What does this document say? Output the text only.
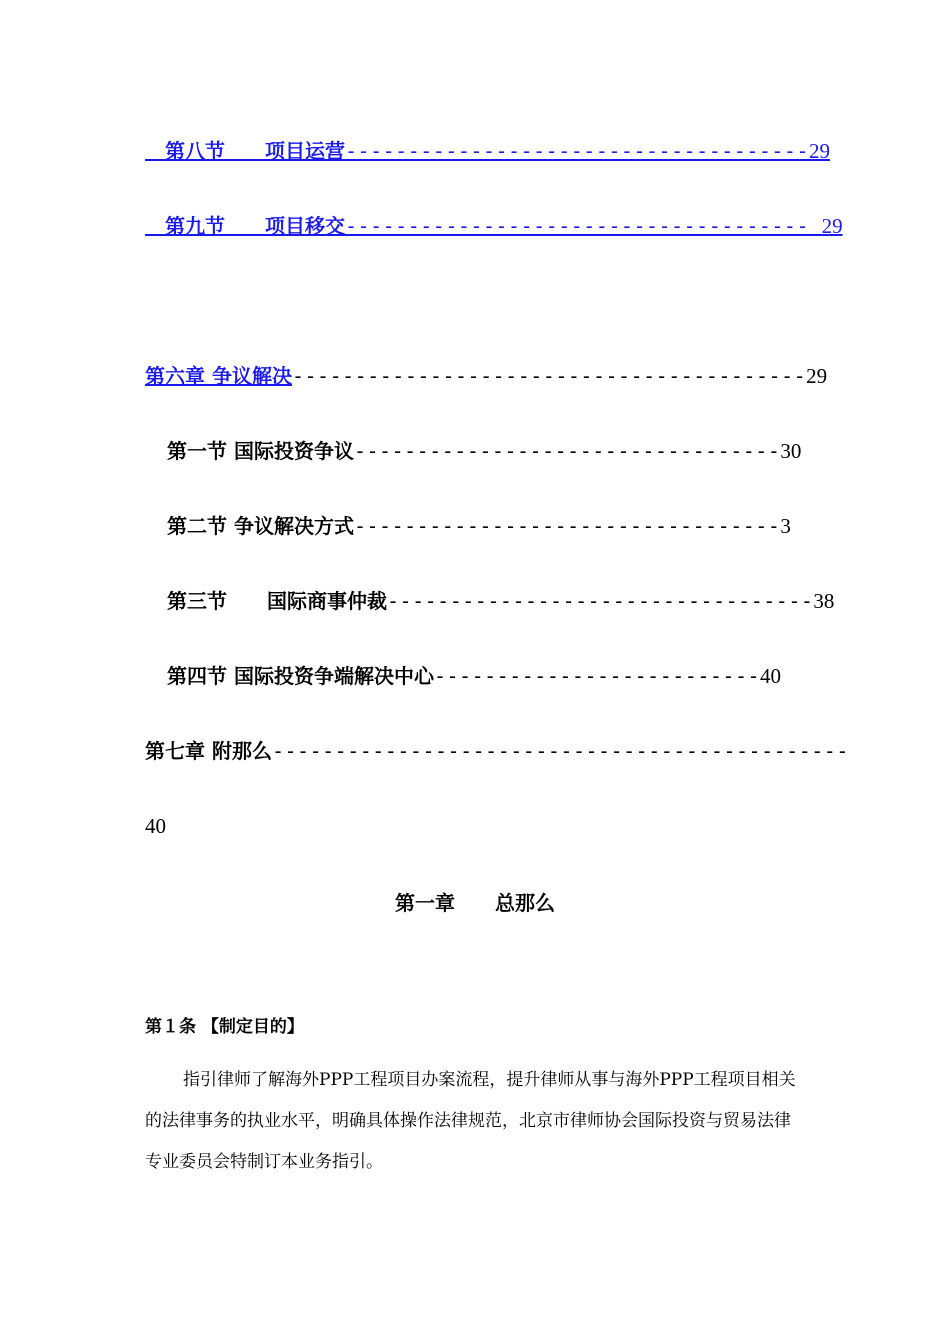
　第八节　　项目运营-------------------------------------29
　第九节　　项目移交------------------------------------- 29
第六章 争议解决-----------------------------------------29
第一节 国际投资争议----------------------------------30
第二节 争议解决方式----------------------------------3
第三节　　国际商事仲裁----------------------------------38
第四节 国际投资争端解决中心--------------------------40
第七章 附那么----------------------------------------------
40
第一章　　总那么
第１条 【制定目的】
指引律师了解海外PPP工程项目办案流程，提升律师从事与海外PPP工程项目相关的法律事务的执业水平，明确具体操作法律规范，北京市律师协会国际投资与贸易法律专业委员会特制订本业务指引。
